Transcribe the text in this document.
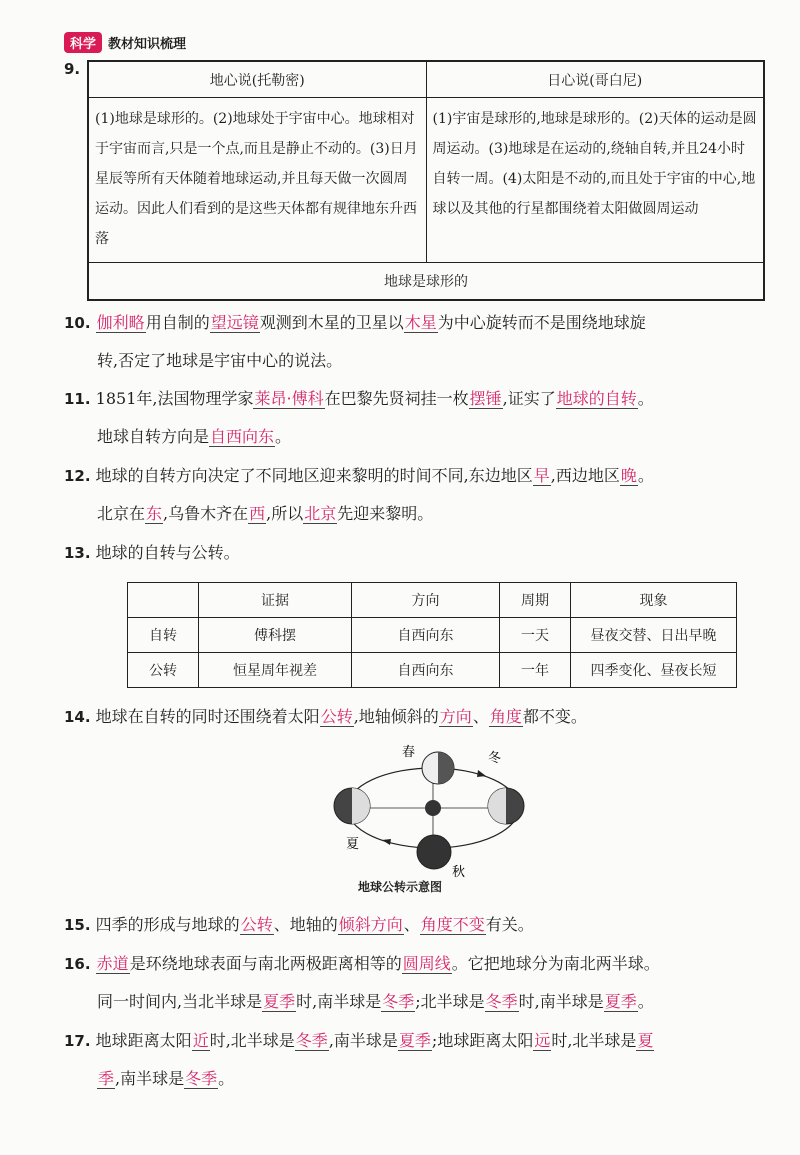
科学 教材知识梳理
9.
地心说(托勒密)	日心说(哥白尼)
(1)地球是球形的。(2)地球处于宇宙中心。地球相对于宇宙而言,只是一个点,而且是静止不动的。(3)日月星辰等所有天体随着地球运动,并且每天做一次圆周运动。因此人们看到的是这些天体都有规律地东升西落	(1)宇宙是球形的,地球是球形的。(2)天体的运动是圆周运动。(3)地球是在运动的,绕轴自转,并且24小时自转一周。(4)太阳是不动的,而且处于宇宙的中心,地球以及其他的行星都围绕着太阳做圆周运动
地球是球形的	
10. 伽利略用自制的望远镜观测到木星的卫星以木星为中心旋转而不是围绕地球旋
转,否定了地球是宇宙中心的说法。
11. 1851年,法国物理学家莱昂·傅科在巴黎先贤祠挂一枚摆锤,证实了地球的自转。
地球自转方向是自西向东。
12. 地球的自转方向决定了不同地区迎来黎明的时间不同,东边地区早,西边地区晚。
北京在东,乌鲁木齐在西,所以北京先迎来黎明。
13. 地球的自转与公转。
	证据	方向	周期	现象
自转	傅科摆	自西向东	一天	昼夜交替、日出早晚
公转	恒星周年视差	自西向东	一年	四季变化、昼夜长短
14. 地球在自转的同时还围绕着太阳公转,地轴倾斜的方向、角度都不变。
春	冬
夏
秋
地球公转示意图
15. 四季的形成与地球的公转、地轴的倾斜方向、角度不变有关。
16. 赤道是环绕地球表面与南北两极距离相等的圆周线。它把地球分为南北两半球。
同一时间内,当北半球是夏季时,南半球是冬季;北半球是冬季时,南半球是夏季。
17. 地球距离太阳近时,北半球是冬季,南半球是夏季;地球距离太阳远时,北半球是夏
季,南半球是冬季。
